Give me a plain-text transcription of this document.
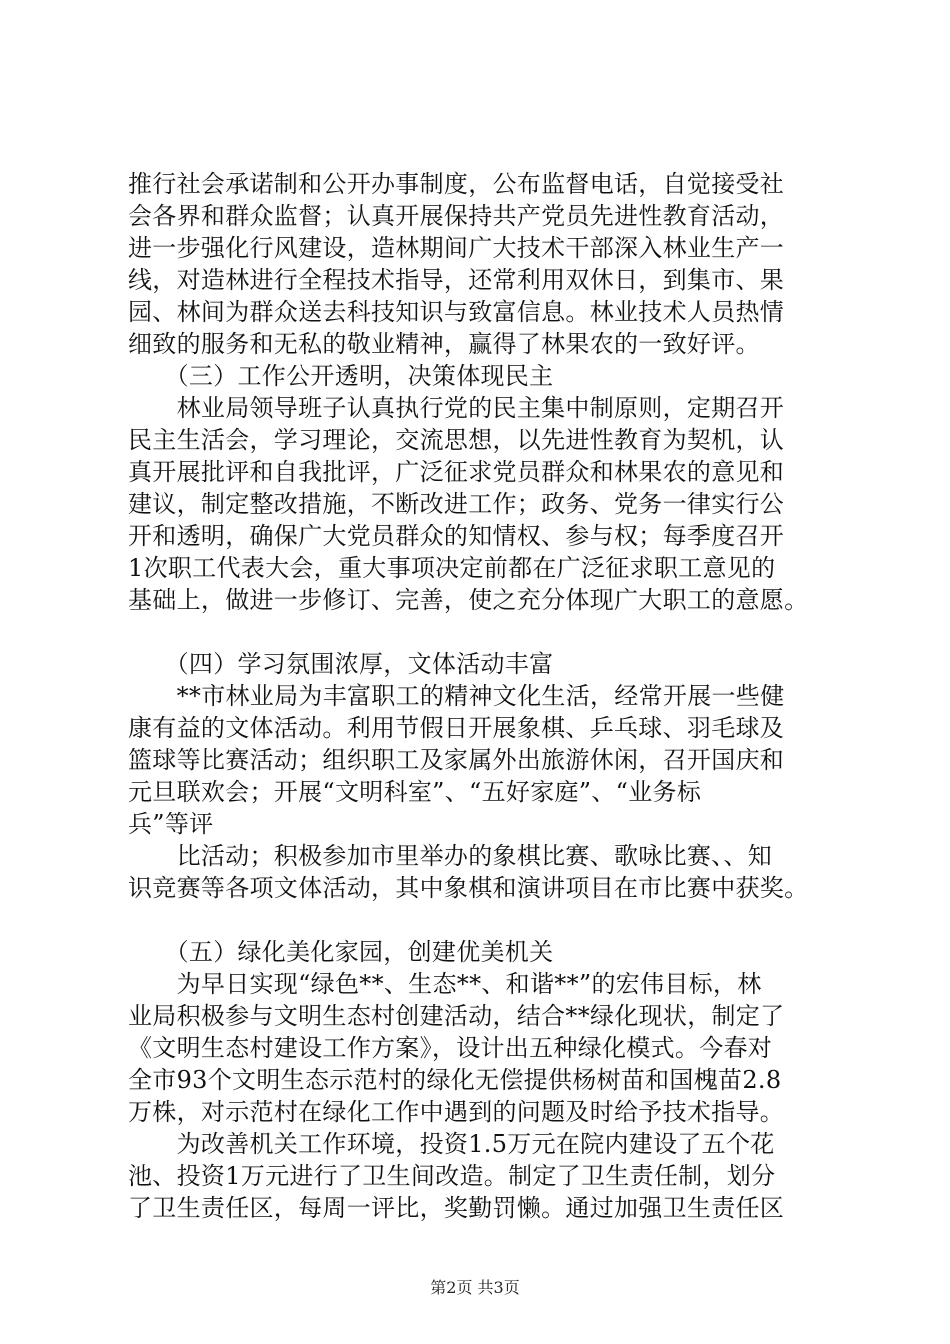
推行社会承诺制和公开办事制度，公布监督电话，自觉接受社
会各界和群众监督；认真开展保持共产党员先进性教育活动，
进一步强化行风建设，造林期间广大技术干部深入林业生产一
线，对造林进行全程技术指导，还常利用双休日，到集市、果
园、林间为群众送去科技知识与致富信息。林业技术人员热情
细致的服务和无私的敬业精神，赢得了林果农的一致好评。
　　（三）工作公开透明，决策体现民主
　　林业局领导班子认真执行党的民主集中制原则，定期召开
民主生活会，学习理论，交流思想，以先进性教育为契机，认
真开展批评和自我批评，广泛征求党员群众和林果农的意见和
建议，制定整改措施，不断改进工作；政务、党务一律实行公
开和透明，确保广大党员群众的知情权、参与权；每季度召开
1次职工代表大会，重大事项决定前都在广泛征求职工意见的
基础上，做进一步修订、完善，使之充分体现广大职工的意愿。
　　（四）学习氛围浓厚，文体活动丰富
　　**市林业局为丰富职工的精神文化生活，经常开展一些健
康有益的文体活动。利用节假日开展象棋、乒乓球、羽毛球及
篮球等比赛活动；组织职工及家属外出旅游休闲，召开国庆和
元旦联欢会；开展“文明科室”、“五好家庭”、“业务标
兵”等评
　　比活动；积极参加市里举办的象棋比赛、歌咏比赛、、知
识竞赛等各项文体活动，其中象棋和演讲项目在市比赛中获奖。
　　（五）绿化美化家园，创建优美机关
　　为早日实现“绿色**、生态**、和谐**”的宏伟目标，林
业局积极参与文明生态村创建活动，结合**绿化现状，制定了
《文明生态村建设工作方案》，设计出五种绿化模式。今春对
全市93个文明生态示范村的绿化无偿提供杨树苗和国槐苗2.8
万株，对示范村在绿化工作中遇到的问题及时给予技术指导。
　　为改善机关工作环境，投资1.5万元在院内建设了五个花
池、投资1万元进行了卫生间改造。制定了卫生责任制，划分
了卫生责任区，每周一评比，奖勤罚懒。通过加强卫生责任区
第2页 共3页
